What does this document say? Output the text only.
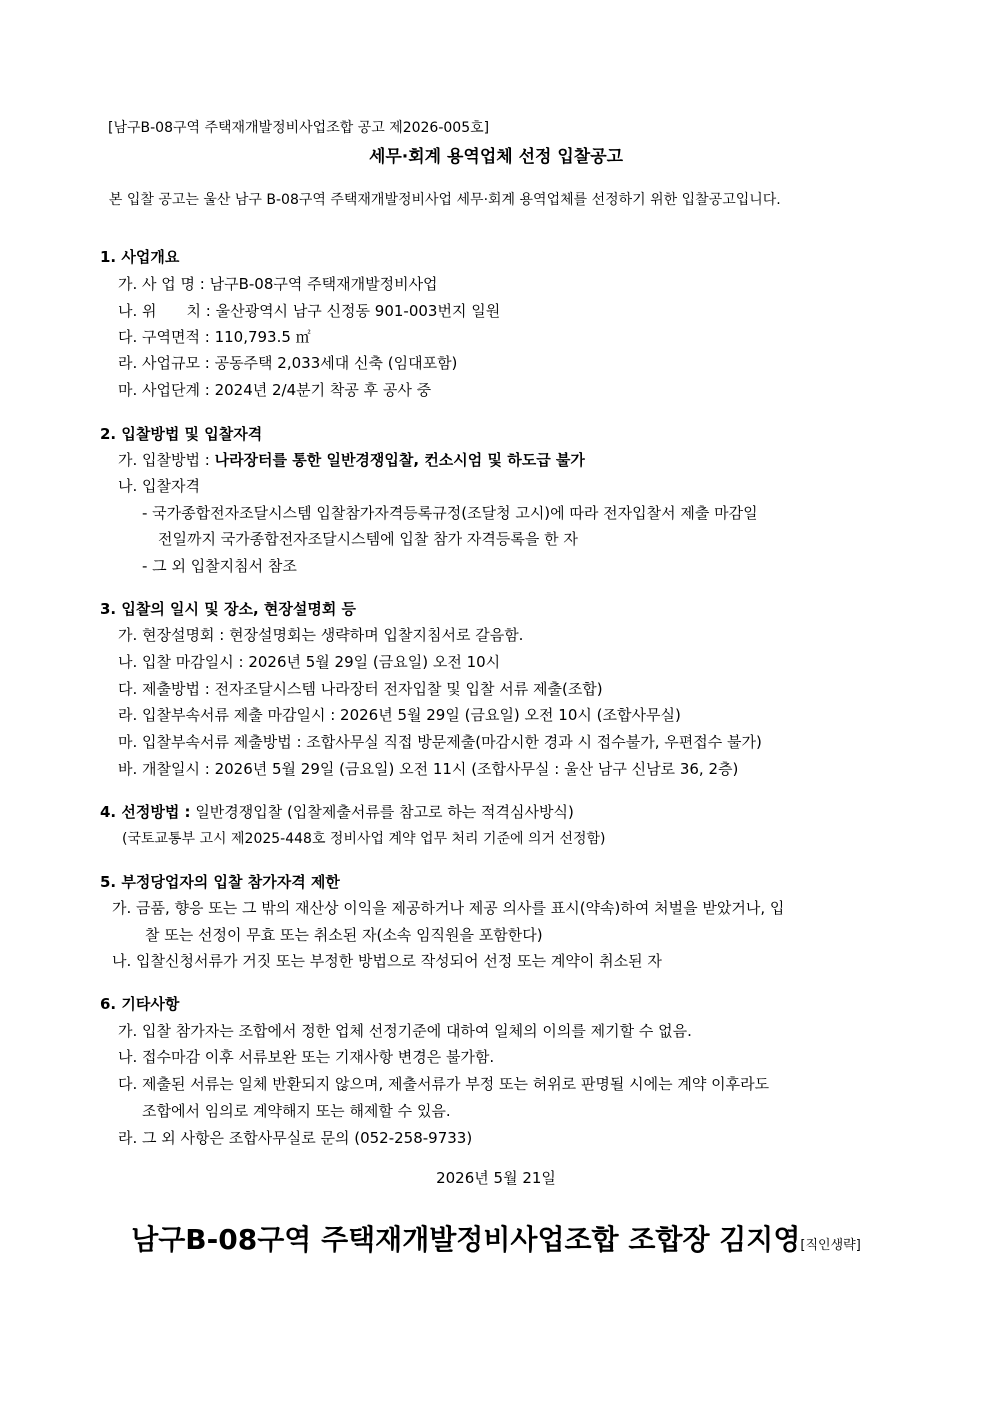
[남구B-08구역 주택재개발정비사업조합 공고 제2026-005호]
세무·회계 용역업체 선정 입찰공고
본 입찰 공고는 울산 남구 B-08구역 주택재개발정비사업 세무·회계 용역업체를 선정하기 위한 입찰공고입니다.
1. 사업개요
가. 사 업 명 : 남구B-08구역 주택재개발정비사업
나. 위　　치 : 울산광역시 남구 신정동 901-003번지 일원
다. 구역면적 : 110,793.5 ㎡
라. 사업규모 : 공동주택 2,033세대 신축 (임대포함)
마. 사업단계 : 2024년 2/4분기 착공 후 공사 중
2. 입찰방법 및 입찰자격
가. 입찰방법 : 나라장터를 통한 일반경쟁입찰, 컨소시엄 및 하도급 불가
나. 입찰자격
- 국가종합전자조달시스템 입찰참가자격등록규정(조달청 고시)에 따라 전자입찰서 제출 마감일
전일까지 국가종합전자조달시스템에 입찰 참가 자격등록을 한 자
- 그 외 입찰지침서 참조
3. 입찰의 일시 및 장소, 현장설명회 등
가. 현장설명회 : 현장설명회는 생략하며 입찰지침서로 갈음함.
나. 입찰 마감일시 : 2026년 5월 29일 (금요일) 오전 10시
다. 제출방법 : 전자조달시스템 나라장터 전자입찰 및 입찰 서류 제출(조합)
라. 입찰부속서류 제출 마감일시 : 2026년 5월 29일 (금요일) 오전 10시 (조합사무실)
마. 입찰부속서류 제출방법 : 조합사무실 직접 방문제출(마감시한 경과 시 접수불가, 우편접수 불가)
바. 개찰일시 : 2026년 5월 29일 (금요일) 오전 11시 (조합사무실 : 울산 남구 신남로 36, 2층)
4. 선정방법 : 일반경쟁입찰 (입찰제출서류를 참고로 하는 적격심사방식)
(국토교통부 고시 제2025-448호 정비사업 계약 업무 처리 기준에 의거 선정함)
5. 부정당업자의 입찰 참가자격 제한
가. 금품, 향응 또는 그 밖의 재산상 이익을 제공하거나 제공 의사를 표시(약속)하여 처벌을 받았거나, 입
찰 또는 선정이 무효 또는 취소된 자(소속 임직원을 포함한다)
나. 입찰신청서류가 거짓 또는 부정한 방법으로 작성되어 선정 또는 계약이 취소된 자
6. 기타사항
가. 입찰 참가자는 조합에서 정한 업체 선정기준에 대하여 일체의 이의를 제기할 수 없음.
나. 접수마감 이후 서류보완 또는 기재사항 변경은 불가함.
다. 제출된 서류는 일체 반환되지 않으며, 제출서류가 부정 또는 허위로 판명될 시에는 계약 이후라도
조합에서 임의로 계약해지 또는 해제할 수 있음.
라. 그 외 사항은 조합사무실로 문의 (052-258-9733)
2026년 5월 21일
남구B-08구역 주택재개발정비사업조합 조합장 김지영[직인생략]
